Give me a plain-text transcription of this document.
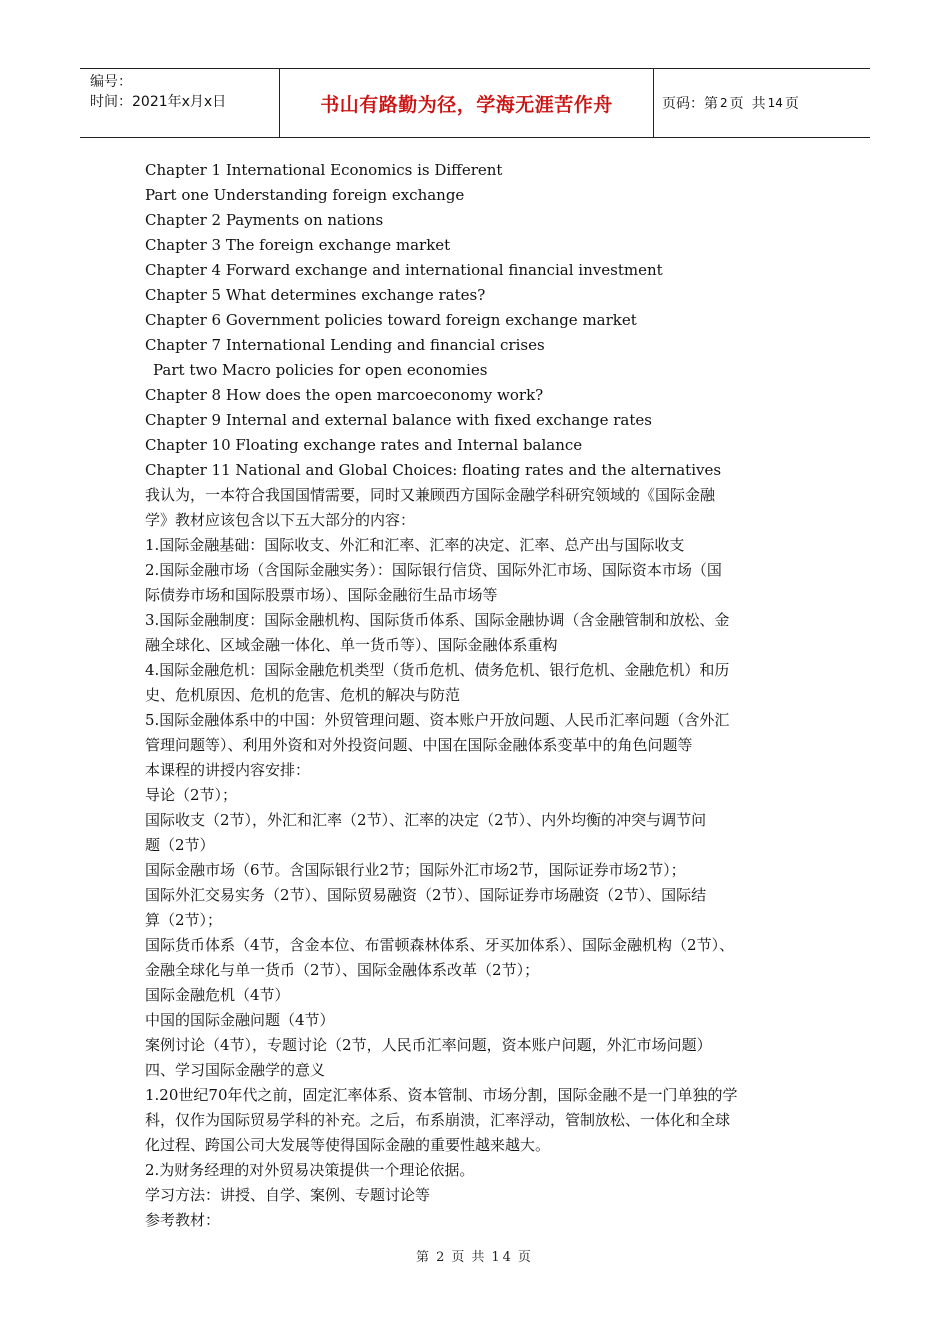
编号：
时间：2021年x月x日	书山有路勤为径，学海无涯苦作舟	页码：第 2 页 共 14 页
Chapter 1 International Economics is Different
Part one Understanding foreign exchange
Chapter 2 Payments on nations
Chapter 3 The foreign exchange market
Chapter 4 Forward exchange and international financial investment
Chapter 5 What determines exchange rates?
Chapter 6 Government policies toward foreign exchange market
Chapter 7 International Lending and financial crises
Part two Macro policies for open economies
Chapter 8 How does the open marcoeconomy work?
Chapter 9 Internal and external balance with fixed exchange rates
Chapter 10 Floating exchange rates and Internal balance
Chapter 11 National and Global Choices: floating rates and the alternatives
我认为，一本符合我国国情需要，同时又兼顾西方国际金融学科研究领域的《国际金融
学》教材应该包含以下五大部分的内容：
1.国际金融基础：国际收支、外汇和汇率、汇率的决定、汇率、总产出与国际收支
2.国际金融市场（含国际金融实务）：国际银行信贷、国际外汇市场、国际资本市场（国
际债券市场和国际股票市场）、国际金融衍生品市场等
3.国际金融制度：国际金融机构、国际货币体系、国际金融协调（含金融管制和放松、金
融全球化、区域金融一体化、单一货币等）、国际金融体系重构
4.国际金融危机：国际金融危机类型（货币危机、债务危机、银行危机、金融危机）和历
史、危机原因、危机的危害、危机的解决与防范
5.国际金融体系中的中国：外贸管理问题、资本账户开放问题、人民币汇率问题（含外汇
管理问题等）、利用外资和对外投资问题、中国在国际金融体系变革中的角色问题等
本课程的讲授内容安排：
导论（2节）；
国际收支（2节），外汇和汇率（2节）、汇率的决定（2节）、内外均衡的冲突与调节问
题（2节）
国际金融市场（6节。含国际银行业2节；国际外汇市场2节，国际证券市场2节）；
国际外汇交易实务（2节）、国际贸易融资（2节）、国际证券市场融资（2节）、国际结
算（2节）；
国际货币体系（4节，含金本位、布雷顿森林体系、牙买加体系）、国际金融机构（2节）、
金融全球化与单一货币（2节）、国际金融体系改革（2节）；
国际金融危机（4节）
中国的国际金融问题（4节）
案例讨论（4节），专题讨论（2节，人民币汇率问题，资本账户问题，外汇市场问题）
四、学习国际金融学的意义
1.20世纪70年代之前，固定汇率体系、资本管制、市场分割，国际金融不是一门单独的学
科，仅作为国际贸易学科的补充。之后，布系崩溃，汇率浮动，管制放松、一体化和全球
化过程、跨国公司大发展等使得国际金融的重要性越来越大。
2.为财务经理的对外贸易决策提供一个理论依据。
学习方法：讲授、自学、案例、专题讨论等
参考教材：
第 2 页 共 14 页
